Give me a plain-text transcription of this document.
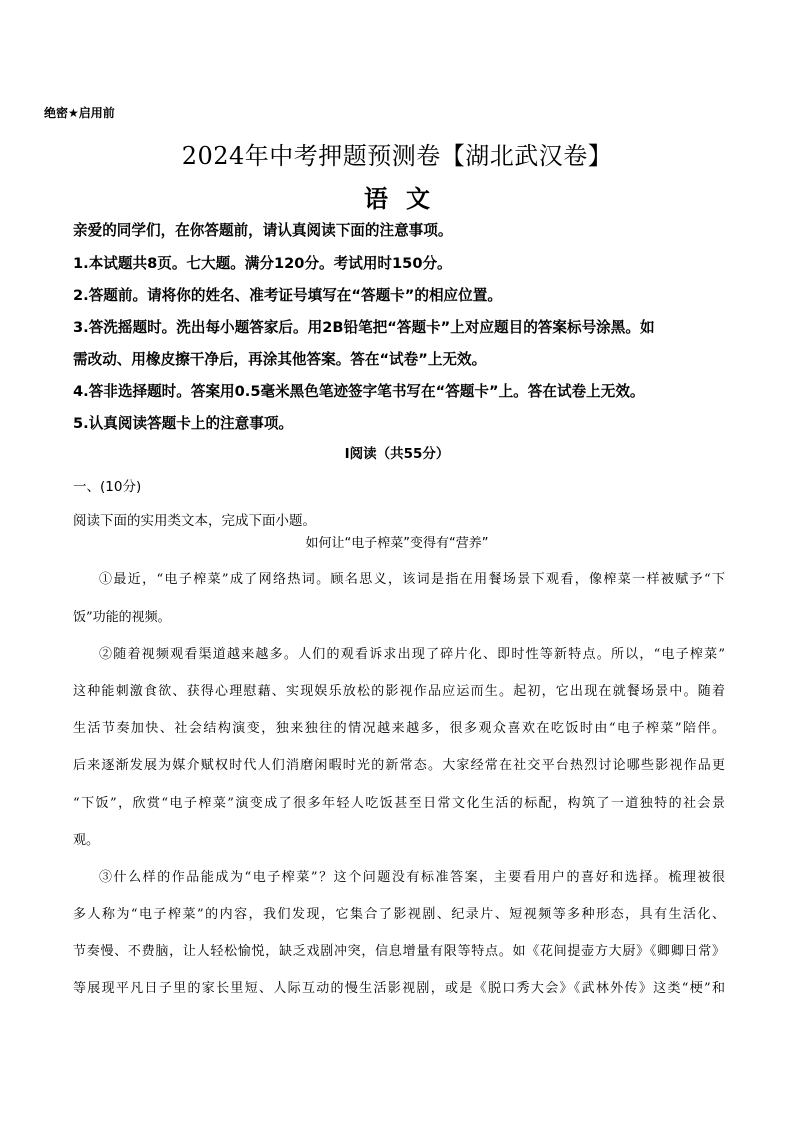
绝密★启用前
2024年中考押题预测卷【湖北武汉卷】
语文
亲爱的同学们，在你答题前，请认真阅读下面的注意事项。
1.本试题共8页。七大题。满分120分。考试用时150分。
2.答题前。请将你的姓名、准考证号填写在“答题卡”的相应位置。
3.答洗摇题时。洗出每小题答家后。用2B铅笔把“答题卡”上对应题目的答案标号涂黑。如
需改动、用橡皮擦干净后，再涂其他答案。答在“试卷”上无效。
4.答非选择题时。答案用0.5毫米黑色笔迹签字笔书写在“答题卡”上。答在试卷上无效。
5.认真阅读答题卡上的注意事项。
I阅读（共55分）
一、(10分)
阅读下面的实用类文本，完成下面小题。
如何让“电子榨菜”变得有“营养”
①最近，“电子榨菜”成了网络热词。顾名思义，该词是指在用餐场景下观看，像榨菜一样被赋予“下
饭”功能的视频。
②随着视频观看渠道越来越多。人们的观看诉求出现了碎片化、即时性等新特点。所以，“电子榨菜”
这种能刺激食欲、获得心理慰藉、实现娱乐放松的影视作品应运而生。起初，它出现在就餐场景中。随着
生活节奏加快、社会结构演变，独来独往的情况越来越多，很多观众喜欢在吃饭时由“电子榨菜”陪伴。
后来逐渐发展为媒介赋权时代人们消磨闲暇时光的新常态。大家经常在社交平台热烈讨论哪些影视作品更
“下饭”，欣赏“电子榨菜”演变成了很多年轻人吃饭甚至日常文化生活的标配，构筑了一道独特的社会景
观。
③什么样的作品能成为“电子榨菜”？这个问题没有标准答案，主要看用户的喜好和选择。梳理被很
多人称为“电子榨菜”的内容，我们发现，它集合了影视剧、纪录片、短视频等多种形态，具有生活化、
节奏慢、不费脑，让人轻松愉悦，缺乏戏剧冲突，信息增量有限等特点。如《花间提壶方大厨》《卿卿日常》
等展现平凡日子里的家长里短、人际互动的慢生活影视剧，或是《脱口秀大会》《武林外传》这类“梗”和
